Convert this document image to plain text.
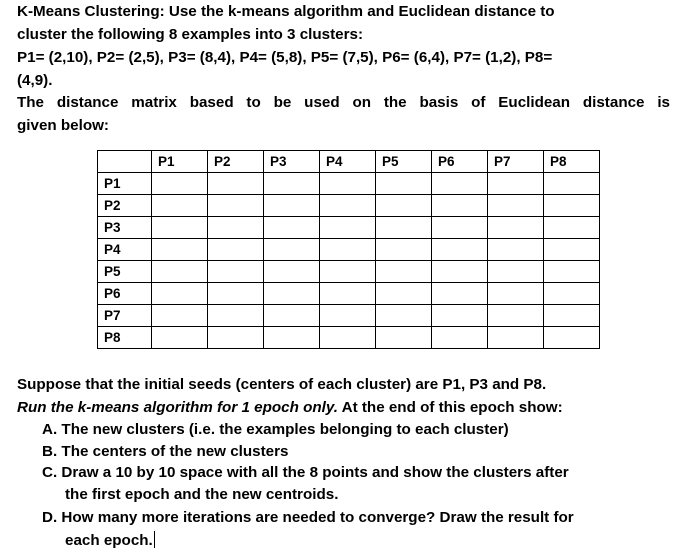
K-Means Clustering: Use the k-means algorithm and Euclidean distance to
cluster the following 8 examples into 3 clusters:
P1= (2,10), P2= (2,5), P3= (8,4), P4= (5,8), P5= (7,5), P6= (6,4), P7= (1,2), P8=
(4,9).
The distance matrix based to be used on the basis of Euclidean distance is
given below:
	P1	P2	P3	P4	P5	P6	P7	P8
P1								
P2								
P3								
P4								
P5								
P6								
P7								
P8								
Suppose that the initial seeds (centers of each cluster) are P1, P3 and P8.
Run the k-means algorithm for 1 epoch only. At the end of this epoch show:
A. The new clusters (i.e. the examples belonging to each cluster)
B. The centers of the new clusters
C. Draw a 10 by 10 space with all the 8 points and show the clusters after
the first epoch and the new centroids.
D. How many more iterations are needed to converge? Draw the result for
each epoch.
